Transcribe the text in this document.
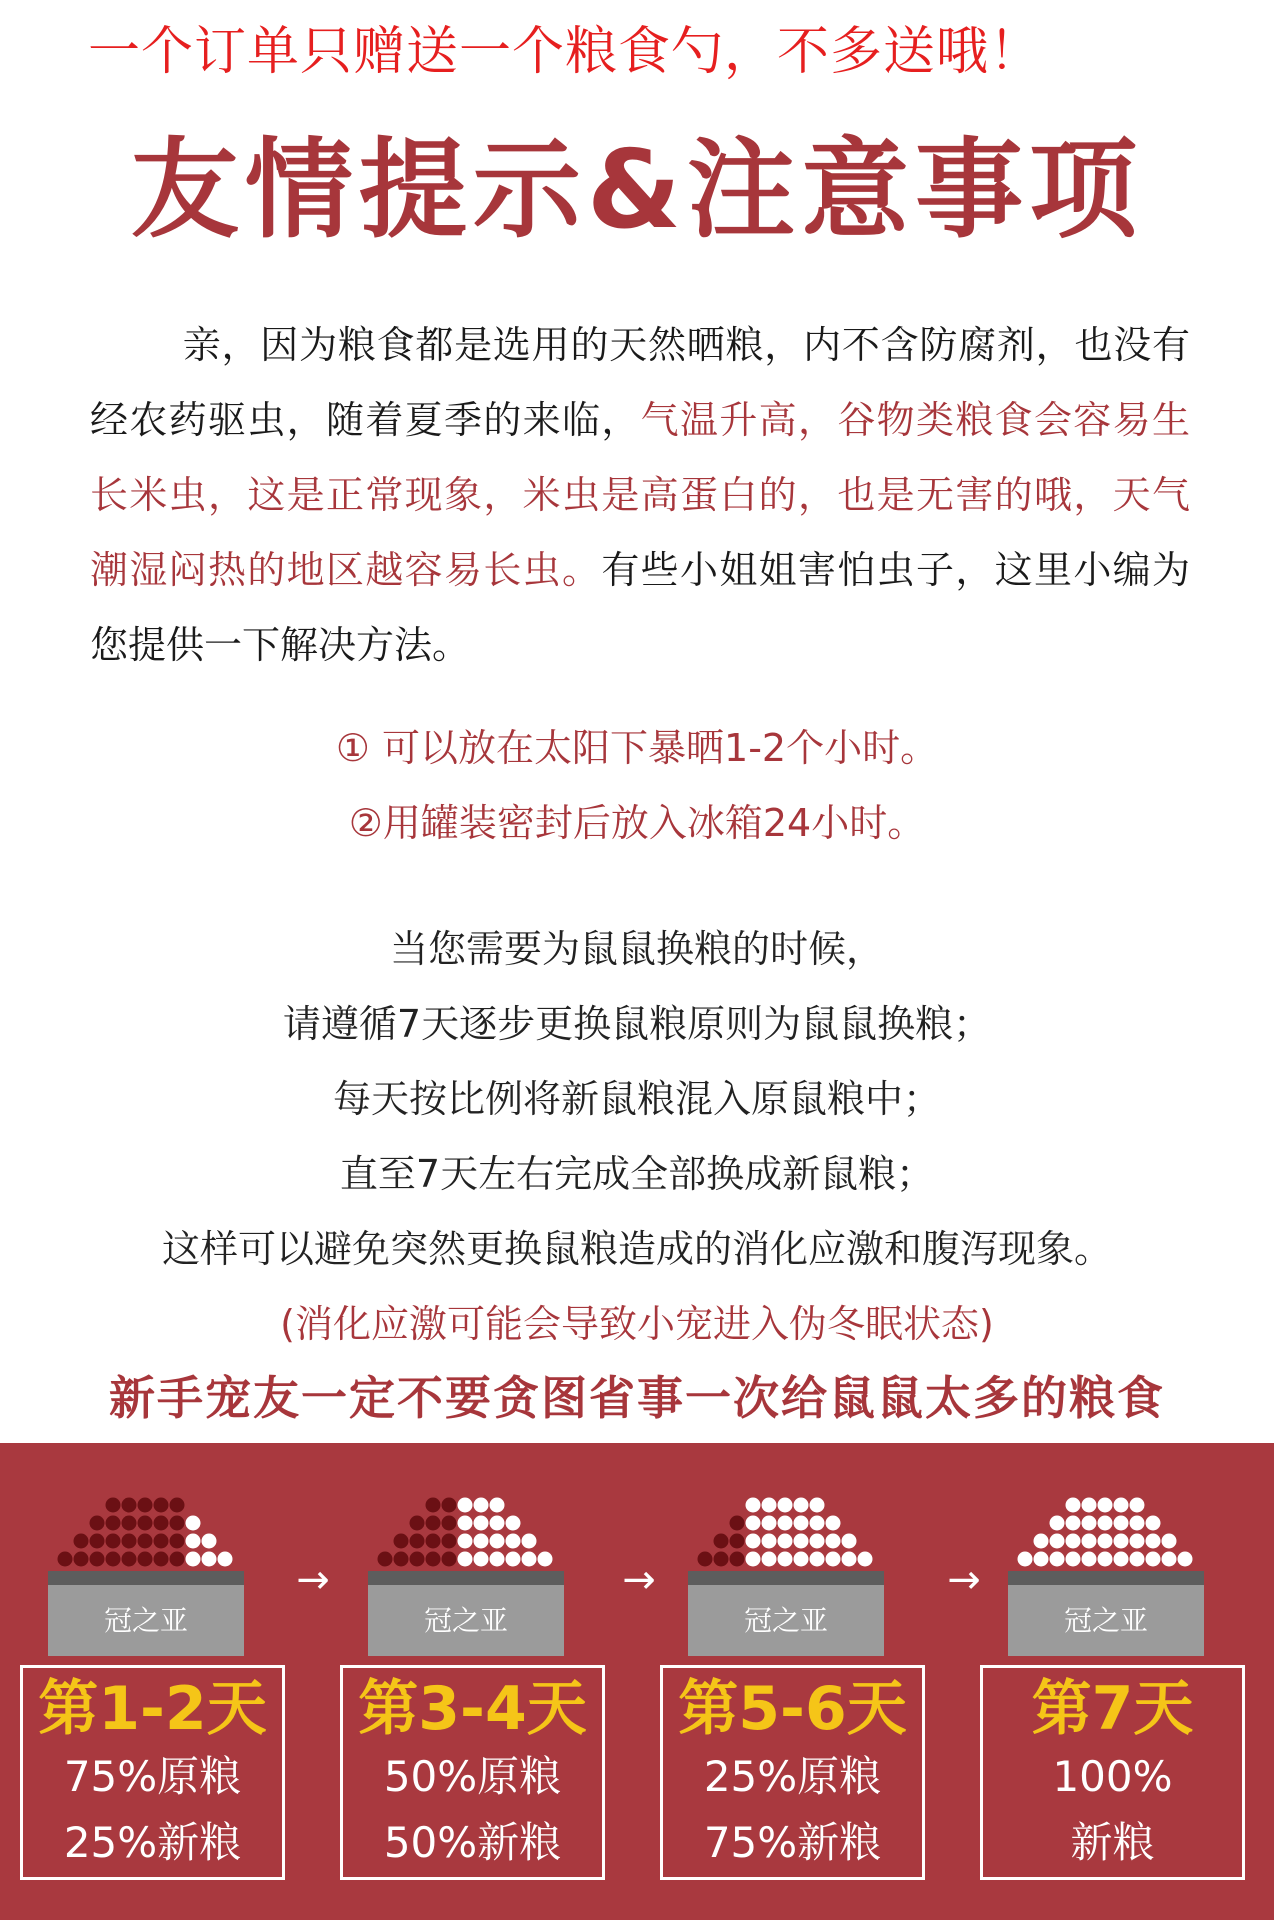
一个订单只赠送一个粮食勺，不多送哦！
友情提示&注意事项
亲，因为粮食都是选用的天然晒粮，内不含防腐剂，也没有经农药驱虫，随着夏季的来临，气温升高，谷物类粮食会容易生长米虫，这是正常现象，米虫是高蛋白的，也是无害的哦，天气潮湿闷热的地区越容易长虫。有些小姐姐害怕虫子，这里小编为您提供一下解决方法。
① 可以放在太阳下暴晒1-2个小时。
②用罐装密封后放入冰箱24小时。
当您需要为鼠鼠换粮的时候，
请遵循7天逐步更换鼠粮原则为鼠鼠换粮；
每天按比例将新鼠粮混入原鼠粮中；
直至7天左右完成全部换成新鼠粮；
这样可以避免突然更换鼠粮造成的消化应激和腹泻现象。
(消化应激可能会导致小宠进入伪冬眠状态)
新手宠友一定不要贪图省事一次给鼠鼠太多的粮食
冠之亚
第1-2天
75%原粮
25%新粮
冠之亚
第3-4天
50%原粮
50%新粮
冠之亚
第5-6天
25%原粮
75%新粮
冠之亚
第7天
100%
新粮
→	→	→
